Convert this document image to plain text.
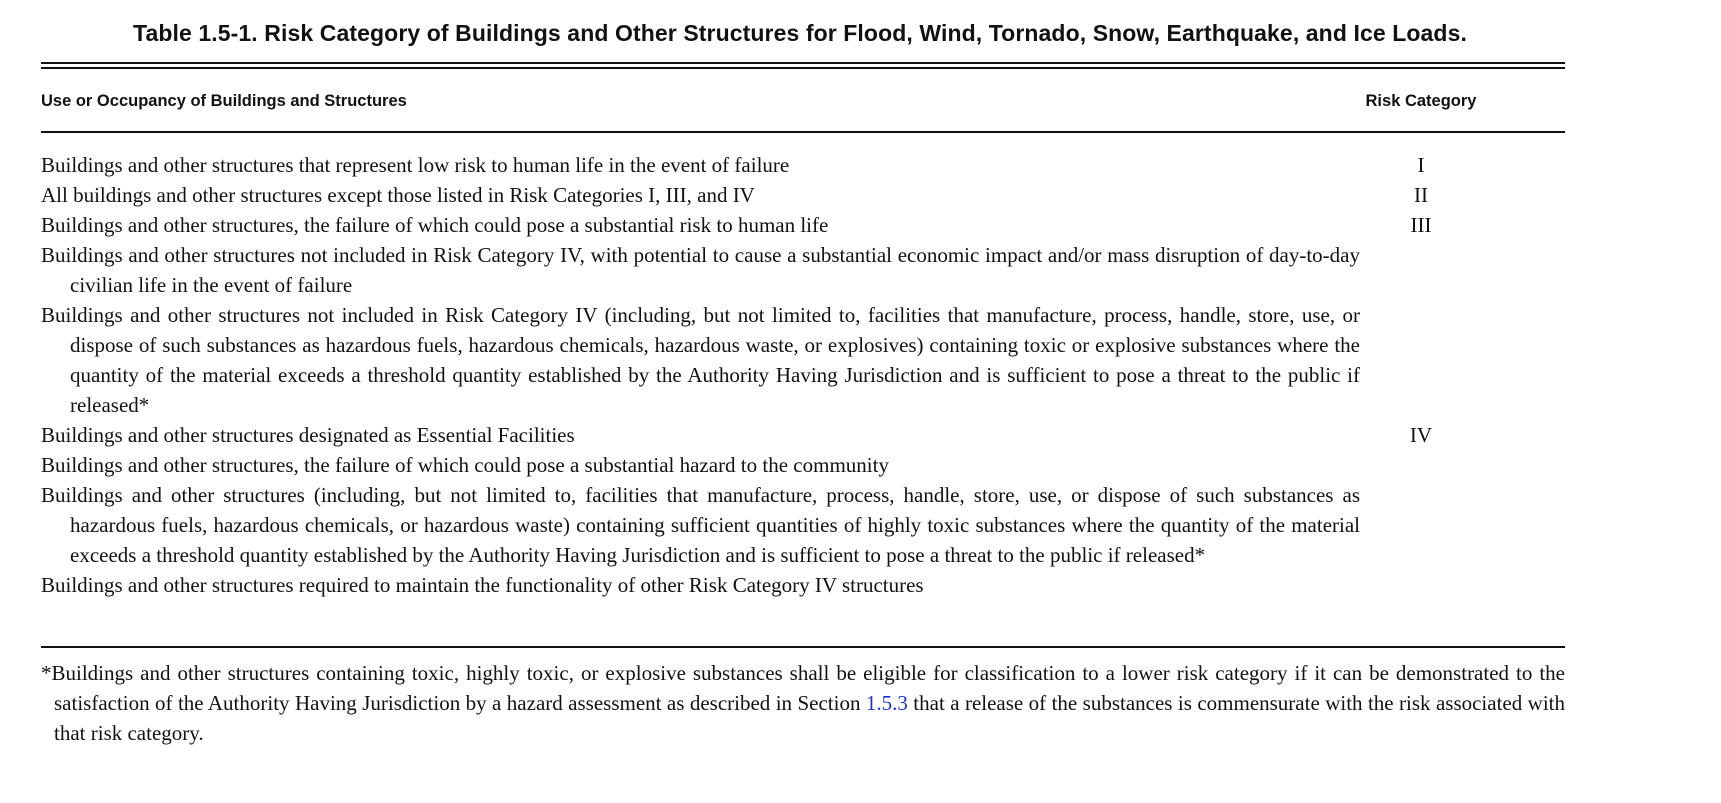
Table 1.5-1. Risk Category of Buildings and Other Structures for Flood, Wind, Tornado, Snow, Earthquake, and Ice Loads.
Use or Occupancy of Buildings and Structures	Risk Category
Buildings and other structures that represent low risk to human life in the event of failure	I
All buildings and other structures except those listed in Risk Categories I, III, and IV	II
Buildings and other structures, the failure of which could pose a substantial risk to human life	III
Buildings and other structures not included in Risk Category IV, with potential to cause a substantial economic impact and/or mass disruption of day-to-day civilian life in the event of failure
Buildings and other structures not included in Risk Category IV (including, but not limited to, facilities that manufacture, process, handle, store, use, or dispose of such substances as hazardous fuels, hazardous chemicals, hazardous waste, or explosives) containing toxic or explosive substances where the quantity of the material exceeds a threshold quantity established by the Authority Having Jurisdiction and is sufficient to pose a threat to the public if released*
Buildings and other structures designated as Essential Facilities	IV
Buildings and other structures, the failure of which could pose a substantial hazard to the community
Buildings and other structures (including, but not limited to, facilities that manufacture, process, handle, store, use, or dispose of such substances as hazardous fuels, hazardous chemicals, or hazardous waste) containing sufficient quantities of highly toxic substances where the quantity of the material exceeds a threshold quantity established by the Authority Having Jurisdiction and is sufficient to pose a threat to the public if released*
Buildings and other structures required to maintain the functionality of other Risk Category IV structures
*Buildings and other structures containing toxic, highly toxic, or explosive substances shall be eligible for classification to a lower risk category if it can be demonstrated to the satisfaction of the Authority Having Jurisdiction by a hazard assessment as described in Section 1.5.3 that a release of the substances is commensurate with the risk associated with that risk category.
